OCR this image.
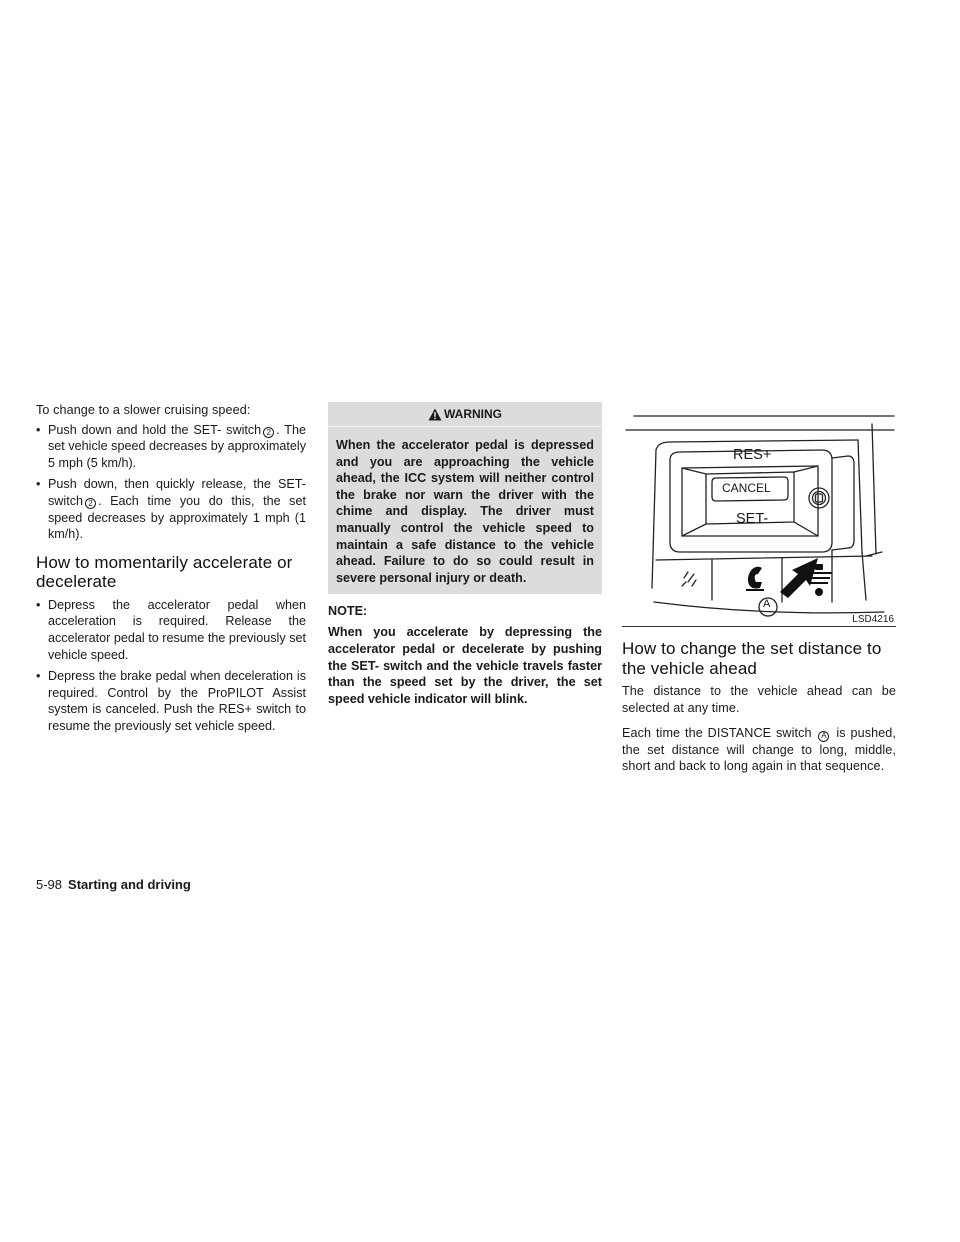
To change to a slower cruising speed:

• Push down and hold the SET- switch 2 . The set vehicle speed decreases by approximately 5 mph (5 km/h).
• Push down, then quickly release, the SET- switch 2 . Each time you do this, the set speed decreases by approximately 1 mph (1 km/h).
How to momentarily accelerate or decelerate
• Depress the accelerator pedal when acceleration is required. Release the accelerator pedal to resume the previously set vehicle speed.
• Depress the brake pedal when deceleration is required. Control by the ProPILOT Assist system is canceled. Push the RES+ switch to resume the previously set vehicle speed.
WARNING
When the accelerator pedal is depressed and you are approaching the vehicle ahead, the ICC system will neither control the brake nor warn the driver with the chime and display. The driver must manually control the vehicle speed to maintain a safe distance to the vehicle ahead. Failure to do so could result in severe personal injury or death.
NOTE:
When you accelerate by depressing the accelerator pedal or decelerate by pushing the SET- switch and the vehicle travels faster than the speed set by the driver, the set speed vehicle indicator will blink.
RES+
CANCEL
SET-
A
LSD4216
How to change the set distance to the vehicle ahead

The distance to the vehicle ahead can be selected at any time.

Each time the DISTANCE switch A is pushed, the set distance will change to long, middle, short and back to long again in that sequence.

5-98 Starting and driving
